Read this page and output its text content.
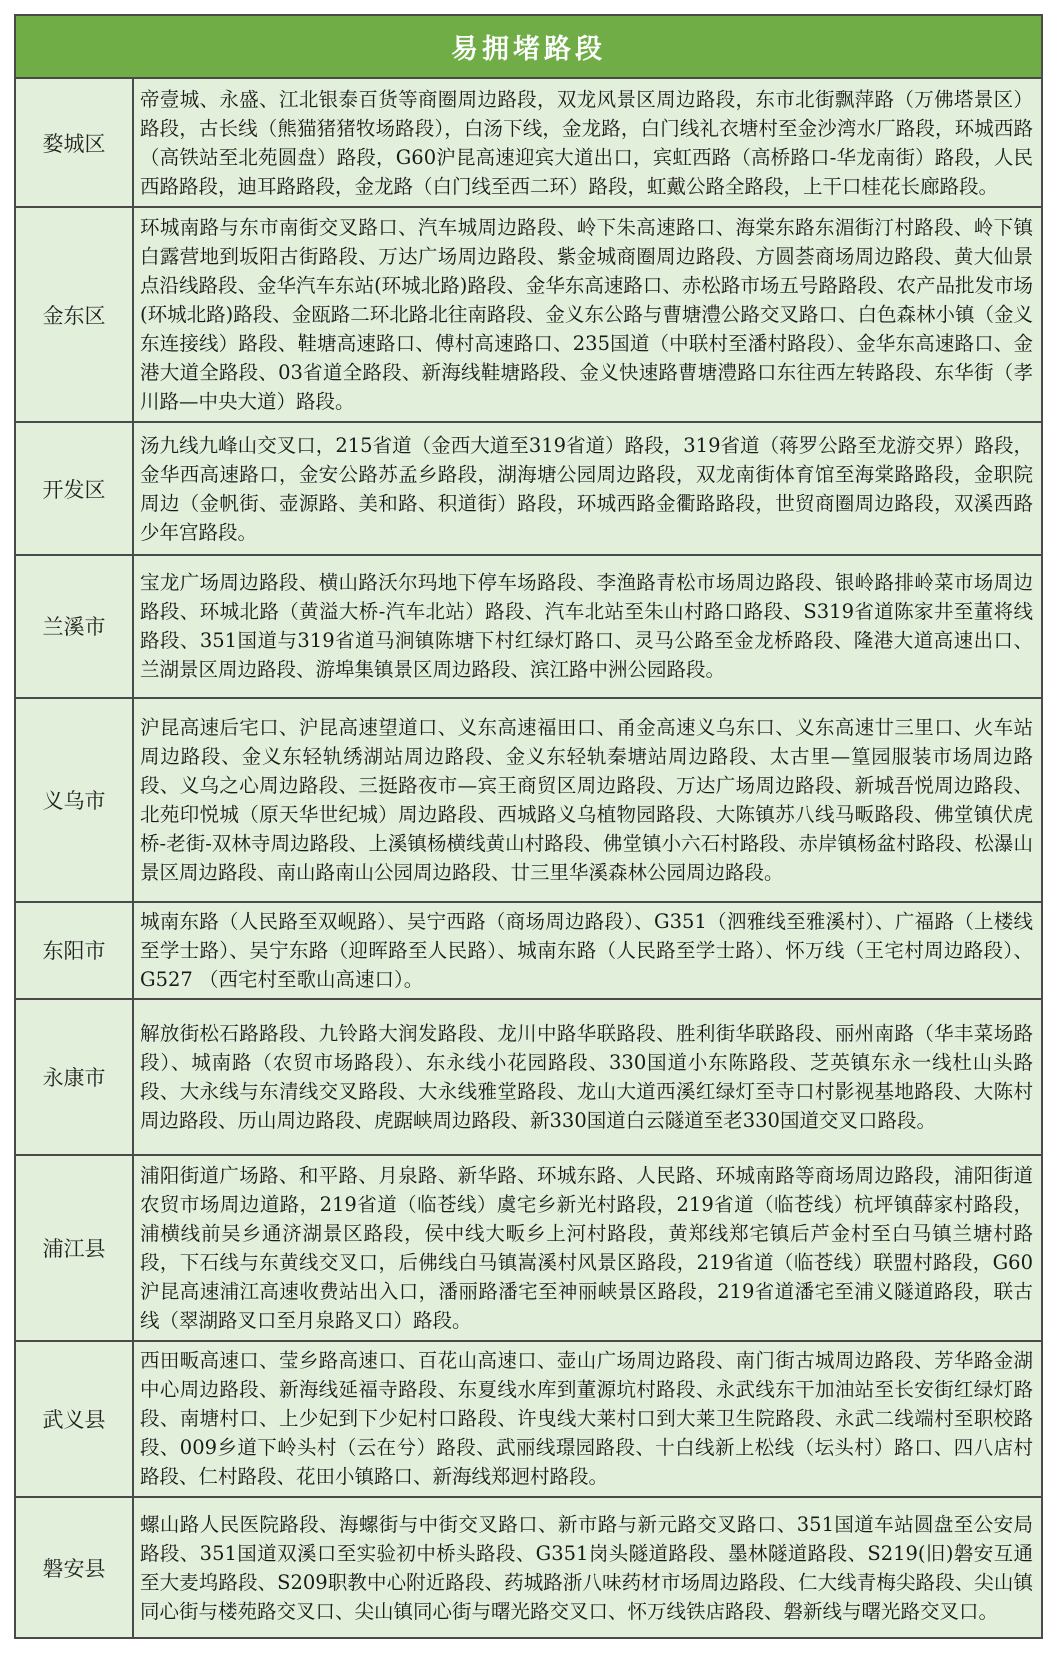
易拥堵路段	
婺城区	帝壹城、永盛、江北银泰百货等商圈周边路段，双龙风景区周边路段，东市北街飘萍路（万佛塔景区）路段，古长线（熊猫猪猪牧场路段），白汤下线，金龙路，白门线礼衣塘村至金沙湾水厂路段，环城西路（高铁站至北苑圆盘）路段，G60沪昆高速迎宾大道出口，宾虹西路（高桥路口-华龙南街）路段，人民西路路段，迪耳路路段，金龙路（白门线至西二环）路段，虹戴公路全路段，上干口桂花长廊路段。
金东区	环城南路与东市南街交叉路口、汽车城周边路段、岭下朱高速路口、海棠东路东湄街汀村路段、岭下镇白露营地到坂阳古街路段、万达广场周边路段、紫金城商圈周边路段、方圆荟商场周边路段、黄大仙景点沿线路段、金华汽车东站(环城北路)路段、金华东高速路口、赤松路市场五号路路段、农产品批发市场(环城北路)路段、金瓯路二环北路北往南路段、金义东公路与曹塘澧公路交叉路口、白色森林小镇（金义东连接线）路段、鞋塘高速路口、傅村高速路口、235国道（中联村至潘村路段）、金华东高速路口、金港大道全路段、03省道全路段、新海线鞋塘路段、金义快速路曹塘澧路口东往西左转路段、东华街（孝川路—中央大道）路段。
开发区	汤九线九峰山交叉口，215省道（金西大道至319省道）路段，319省道（蒋罗公路至龙游交界）路段，金华西高速路口，金安公路苏孟乡路段，湖海塘公园周边路段，双龙南街体育馆至海棠路路段，金职院周边（金帆街、壶源路、美和路、积道街）路段，环城西路金衢路路段，世贸商圈周边路段，双溪西路少年宫路段。
兰溪市	宝龙广场周边路段、横山路沃尔玛地下停车场路段、李渔路青松市场周边路段、银岭路排岭菜市场周边路段、环城北路（黄溢大桥-汽车北站）路段、汽车北站至朱山村路口路段、S319省道陈家井至董将线路段、351国道与319省道马涧镇陈塘下村红绿灯路口、灵马公路至金龙桥路段、隆港大道高速出口、兰湖景区周边路段、游埠集镇景区周边路段、滨江路中洲公园路段。
义乌市	沪昆高速后宅口、沪昆高速望道口、义东高速福田口、甬金高速义乌东口、义东高速廿三里口、火车站周边路段、金义东轻轨绣湖站周边路段、金义东轻轨秦塘站周边路段、太古里—篁园服装市场周边路段、义乌之心周边路段、三挺路夜市—宾王商贸区周边路段、万达广场周边路段、新城吾悦周边路段、北苑印悦城（原天华世纪城）周边路段、西城路义乌植物园路段、大陈镇苏八线马畈路段、佛堂镇伏虎桥-老街-双林寺周边路段、上溪镇杨横线黄山村路段、佛堂镇小六石村路段、赤岸镇杨盆村路段、松瀑山景区周边路段、南山路南山公园周边路段、廿三里华溪森林公园周边路段。
东阳市	城南东路（人民路至双岘路）、吴宁西路（商场周边路段）、G351（泗雅线至雅溪村）、广福路（上楼线至学士路）、吴宁东路（迎晖路至人民路）、城南东路（人民路至学士路）、怀万线（王宅村周边路段）、G527 （西宅村至歌山高速口）。
永康市	解放街松石路路段、九铃路大润发路段、龙川中路华联路段、胜利街华联路段、丽州南路（华丰菜场路段）、城南路（农贸市场路段）、东永线小花园路段、330国道小东陈路段、芝英镇东永一线杜山头路段、大永线与东清线交叉路段、大永线雅堂路段、龙山大道西溪红绿灯至寺口村影视基地路段、大陈村周边路段、历山周边路段、虎踞峡周边路段、新330国道白云隧道至老330国道交叉口路段。
浦江县	浦阳街道广场路、和平路、月泉路、新华路、环城东路、人民路、环城南路等商场周边路段，浦阳街道农贸市场周边道路，219省道（临苍线）虞宅乡新光村路段，219省道（临苍线）杭坪镇薛家村路段，浦横线前吴乡通济湖景区路段，侯中线大畈乡上河村路段，黄郑线郑宅镇后芦金村至白马镇兰塘村路段，下石线与东黄线交叉口，后佛线白马镇嵩溪村风景区路段，219省道（临苍线）联盟村路段，G60沪昆高速浦江高速收费站出入口，潘丽路潘宅至神丽峡景区路段，219省道潘宅至浦义隧道路段，联古线（翠湖路叉口至月泉路叉口）路段。
武义县	西田畈高速口、莹乡路高速口、百花山高速口、壶山广场周边路段、南门街古城周边路段、芳华路金湖中心周边路段、新海线延福寺路段、东夏线水库到董源坑村路段、永武线东干加油站至长安街红绿灯路段、南塘村口、上少妃到下少妃村口路段、许曳线大莱村口到大莱卫生院路段、永武二线端村至职校路段、009乡道下岭头村（云在兮）路段、武丽线璟园路段、十白线新上松线（坛头村）路口、四八店村路段、仁村路段、花田小镇路口、新海线郑迥村路段。
磐安县	螺山路人民医院路段、海螺街与中街交叉路口、新市路与新元路交叉路口、351国道车站圆盘至公安局路段、351国道双溪口至实验初中桥头路段、G351岗头隧道路段、墨林隧道路段、S219(旧)磐安互通至大麦坞路段、S209职教中心附近路段、药城路浙八味药材市场周边路段、仁大线青梅尖路段、尖山镇同心街与楼苑路交叉口、尖山镇同心街与曙光路交叉口、怀万线铁店路段、磐新线与曙光路交叉口。
